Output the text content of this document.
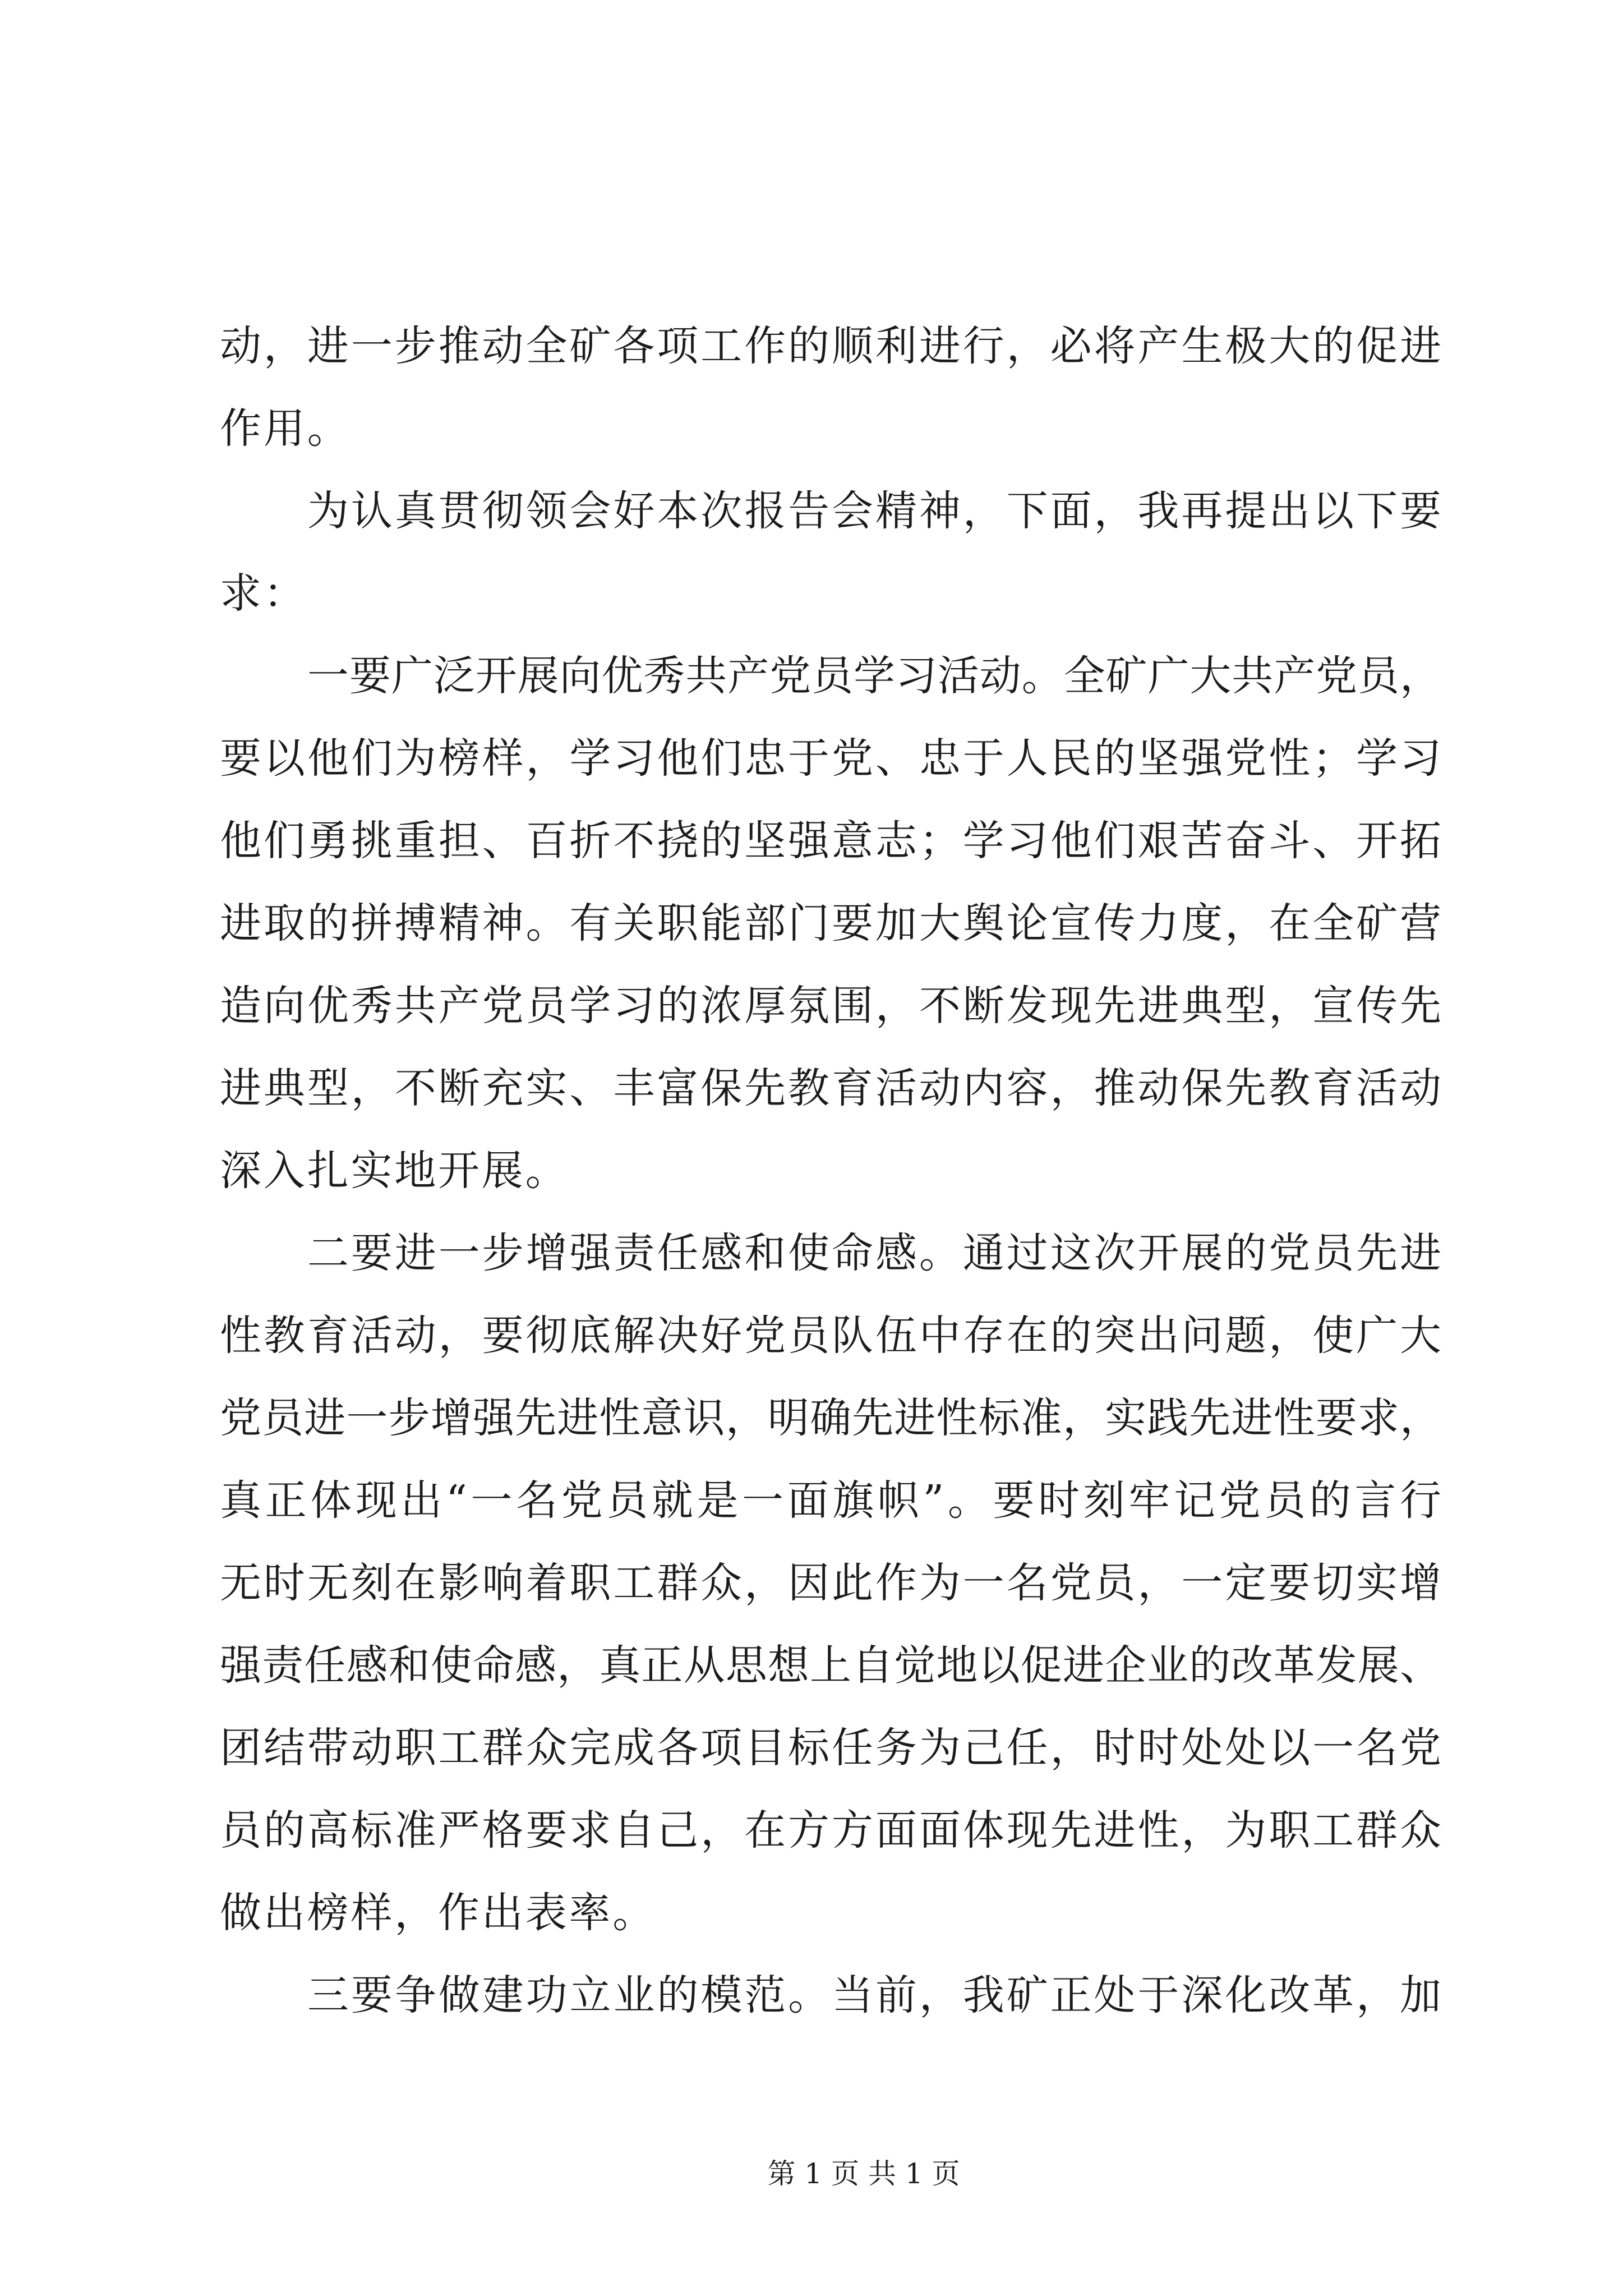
动，进一步推动全矿各项工作的顺利进行，必将产生极大的促进
作用。
为认真贯彻领会好本次报告会精神，下面，我再提出以下要
求：
一要广泛开展向优秀共产党员学习活动。全矿广大共产党员，
要以他们为榜样，学习他们忠于党、忠于人民的坚强党性；学习
他们勇挑重担、百折不挠的坚强意志；学习他们艰苦奋斗、开拓
进取的拼搏精神。有关职能部门要加大舆论宣传力度，在全矿营
造向优秀共产党员学习的浓厚氛围，不断发现先进典型，宣传先
进典型，不断充实、丰富保先教育活动内容，推动保先教育活动
深入扎实地开展。
二要进一步增强责任感和使命感。通过这次开展的党员先进
性教育活动，要彻底解决好党员队伍中存在的突出问题，使广大
党员进一步增强先进性意识，明确先进性标准，实践先进性要求，
真正体现出“一名党员就是一面旗帜”。要时刻牢记党员的言行
无时无刻在影响着职工群众，因此作为一名党员，一定要切实增
强责任感和使命感，真正从思想上自觉地以促进企业的改革发展、
团结带动职工群众完成各项目标任务为己任，时时处处以一名党
员的高标准严格要求自己，在方方面面体现先进性，为职工群众
做出榜样，作出表率。
三要争做建功立业的模范。当前，我矿正处于深化改革，加
第 1 页 共 1 页
